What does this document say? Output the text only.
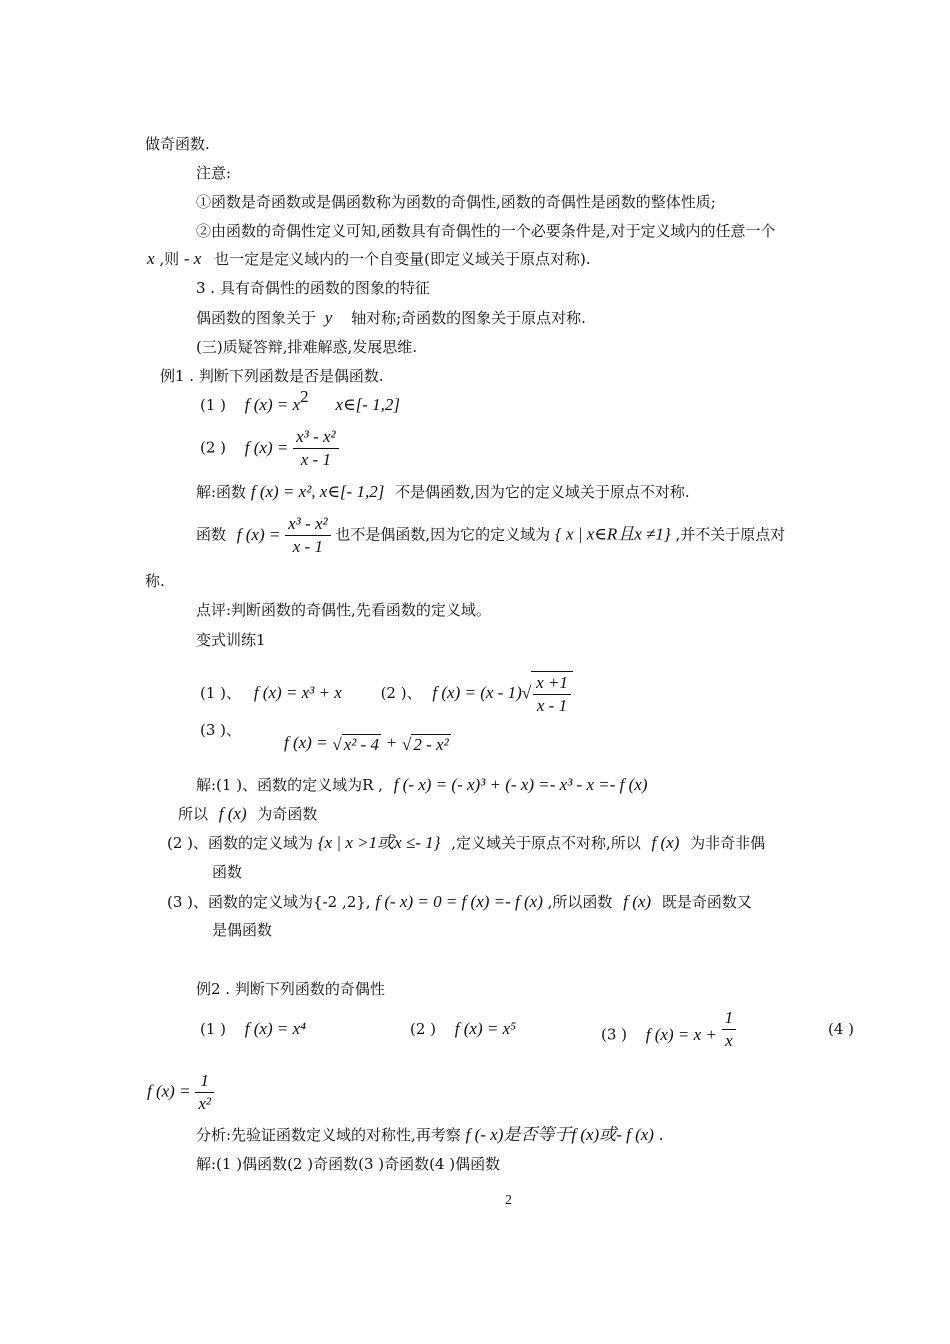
做奇函数.
注意:
①函数是奇函数或是偶函数称为函数的奇偶性,函数的奇偶性是函数的整体性质;
②由函数的奇偶性定义可知,函数具有奇偶性的一个必要条件是,对于定义域内的任意一个
x ,则 - x 也一定是定义域内的一个自变量(即定义域关于原点对称).
3 . 具有奇偶性的函数的图象的特征
偶函数的图象关于 y 轴对称;奇函数的图象关于原点对称.
(三)质疑答辩,排难解惑,发展思维.
例1 . 判断下列函数是否是偶函数.
(1 ) f $(x) = x^2$ x∈[- 1,2]
(2 ) f $(x) = \frac{\text{x³ - x²}}{x - 1}$
解:函数 f (x) = x², x∈[- 1,2] 不是偶函数,因为它的定义域关于原点不对称.
函数 f $(x) = \frac{\text{x³ - x²}}{x - 1}$ 也不是偶函数,因为它的定义域为 { x | x∈R且x ≠1} ,并不关于原点对
称.
点评:判断函数的奇偶性,先看函数的定义域。
变式训练1
(1 )、 f (x) = x³ + x	(2 )、 f $(x) = (x - 1)√ \frac{x +1}{x - 1}$
(3 )、
f (x) = √ x² - 4 + √ 2 - x²
解:(1 )、函数的定义域为R , f (- x) = (- x)³ + (- x) =- x³ - x =- f (x)
所以 f (x) 为奇函数
(2 )、函数的定义域为 {x | x >1或x ≤- 1} ,定义域关于原点不对称,所以 f (x) 为非奇非偶
函数
(3 )、函数的定义域为{-2 ,2}, f (- x) = 0 = f (x) =- f (x) ,所以函数 f (x) 既是奇函数又
是偶函数
例2 . 判断下列函数的奇偶性
(1 ) f (x) = x⁴	(2 ) f (x) = x⁵	(3 ) f $(x) = x + \frac{1}{x}$	(4 )
f $(x) = \frac{1}{\text{x²}}$
分析:先验证函数定义域的对称性,再考察 f (- x)是否等于f (x)或- f (x) .
解:(1 )偶函数(2 )奇函数(3 )奇函数(4 )偶函数
2
